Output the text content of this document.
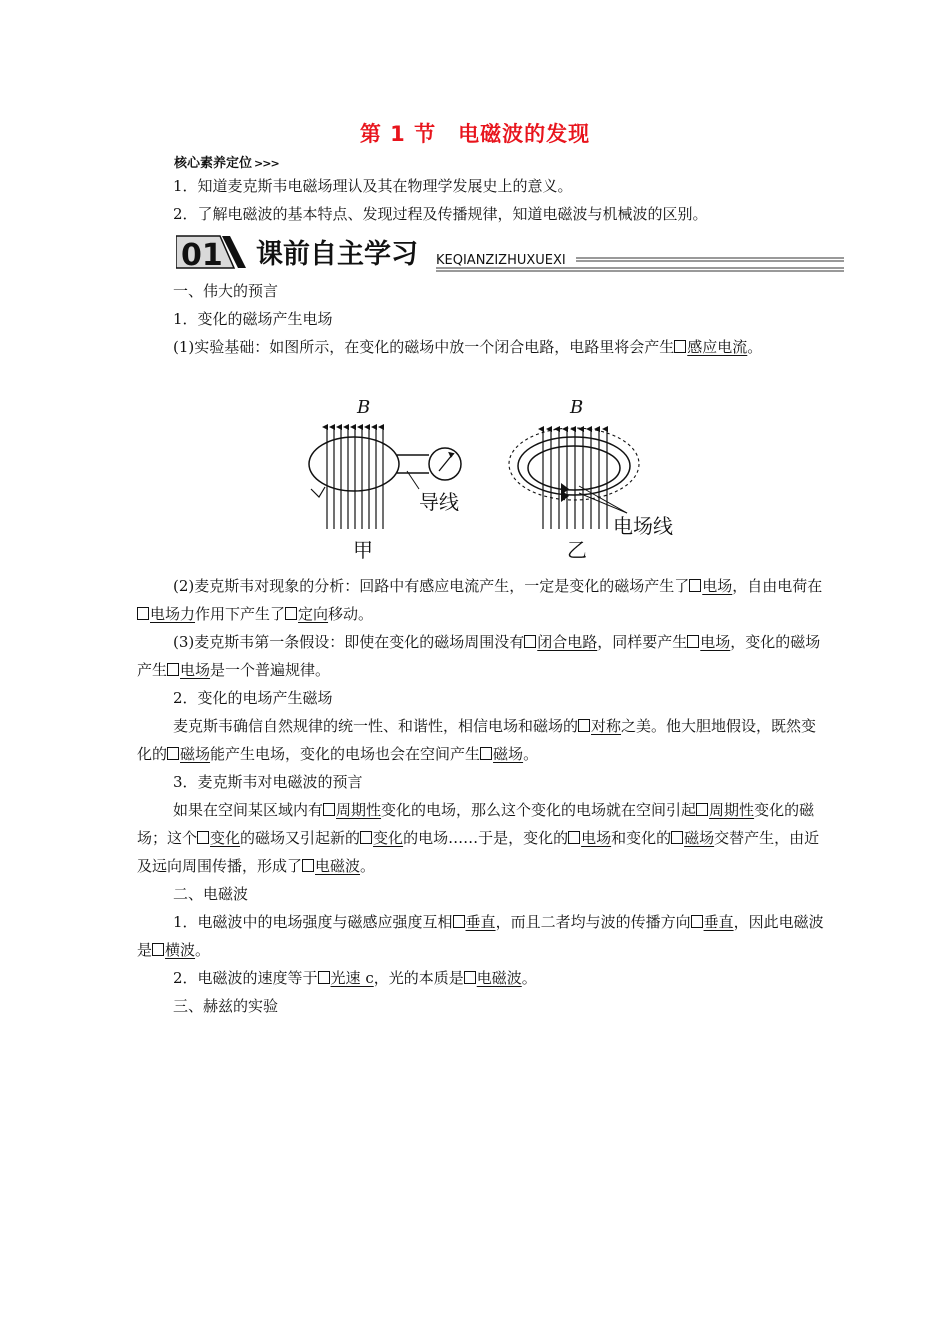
第 1 节　电磁波的发现
核心素养定位 >>>
1．知道麦克斯韦电磁场理认及其在物理学发展史上的意义。
2．了解电磁波的基本特点、发现过程及传播规律，知道电磁波与机械波的区别。
01 课前自主学习 KEQIANZIZHUXUEXI
一、伟大的预言
1．变化的磁场产生电场
(1)实验基础：如图所示，在变化的磁场中放一个闭合电路，电路里将会产生 感应电流。
B
导线
甲
B
电场线
乙
(2)麦克斯韦对现象的分析：回路中有感应电流产生，一定是变化的磁场产生了 电场，自由电荷在电场力作用下产生了 定向移动。
(3)麦克斯韦第一条假设：即使在变化的磁场周围没有 闭合电路，同样要产生 电场，变化的磁场产生 电场是一个普遍规律。
2．变化的电场产生磁场
麦克斯韦确信自然规律的统一性、和谐性，相信电场和磁场的 对称之美。他大胆地假设，既然变化的 磁场能产生电场，变化的电场也会在空间产生 磁场。
3．麦克斯韦对电磁波的预言
如果在空间某区域内有 周期性变化的电场，那么这个变化的电场就在空间引起 周期性变化的磁场；这个 变化的磁场又引起新的 变化的电场……于是，变化的 电场和变化的 磁场交替产生，由近及远向周围传播，形成了 电磁波。
二、电磁波
1．电磁波中的电场强度与磁感应强度互相 垂直，而且二者均与波的传播方向 垂直，因此电磁波是 横波。
2．电磁波的速度等于 光速 c，光的本质是 电磁波。
三、赫兹的实验
